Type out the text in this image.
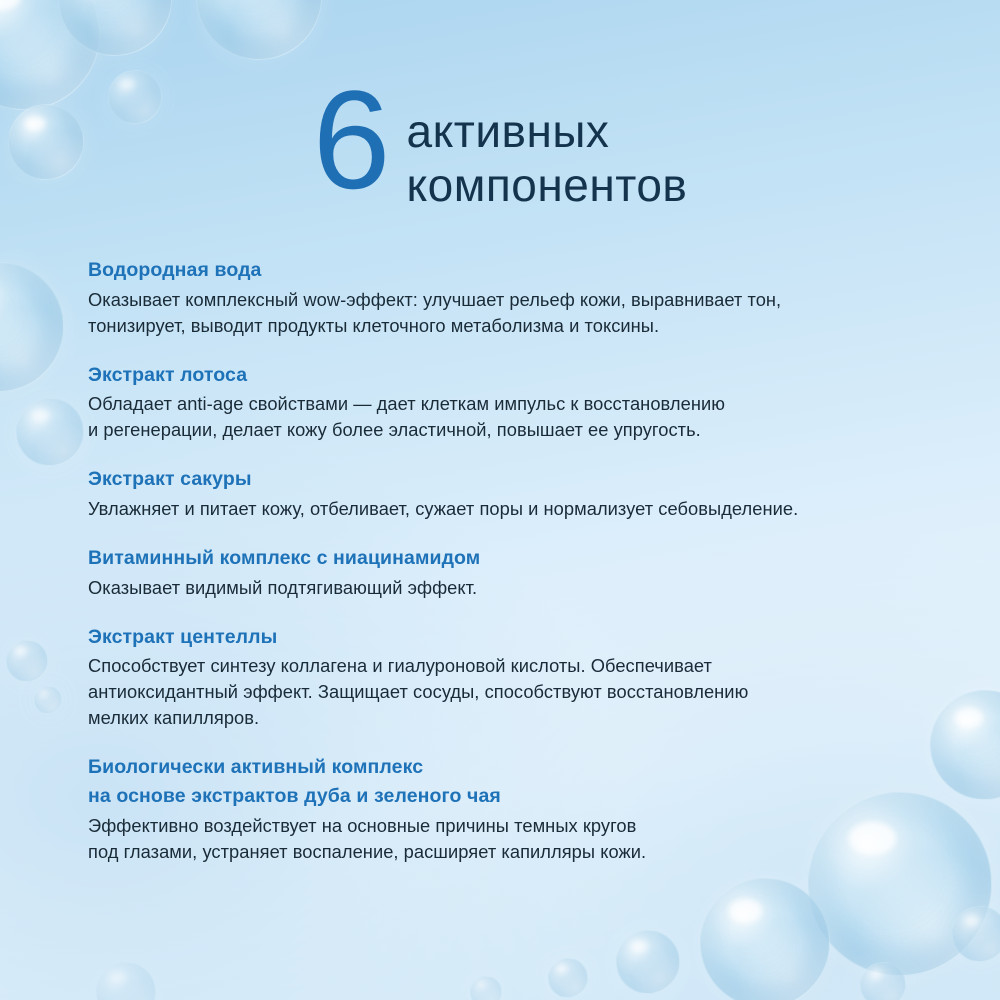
6 активных
компонентов
Водородная вода
Оказывает комплексный wow-эффект: улучшает рельеф кожи, выравнивает тон,
тонизирует, выводит продукты клеточного метаболизма и токсины.
Экстракт лотоса
Обладает anti-age свойствами — дает клеткам импульс к восстановлению
и регенерации, делает кожу более эластичной, повышает ее упругость.
Экстракт сакуры
Увлажняет и питает кожу, отбеливает, сужает поры и нормализует себовыделение.
Витаминный комплекс с ниацинамидом
Оказывает видимый подтягивающий эффект.
Экстракт центеллы
Способствует синтезу коллагена и гиалуроновой кислоты. Обеспечивает
антиоксидантный эффект. Защищает сосуды, способствуют восстановлению
мелких капилляров.
Биологически активный комплекс
на основе экстрактов дуба и зеленого чая
Эффективно воздействует на основные причины темных кругов
под глазами, устраняет воспаление, расширяет капилляры кожи.
